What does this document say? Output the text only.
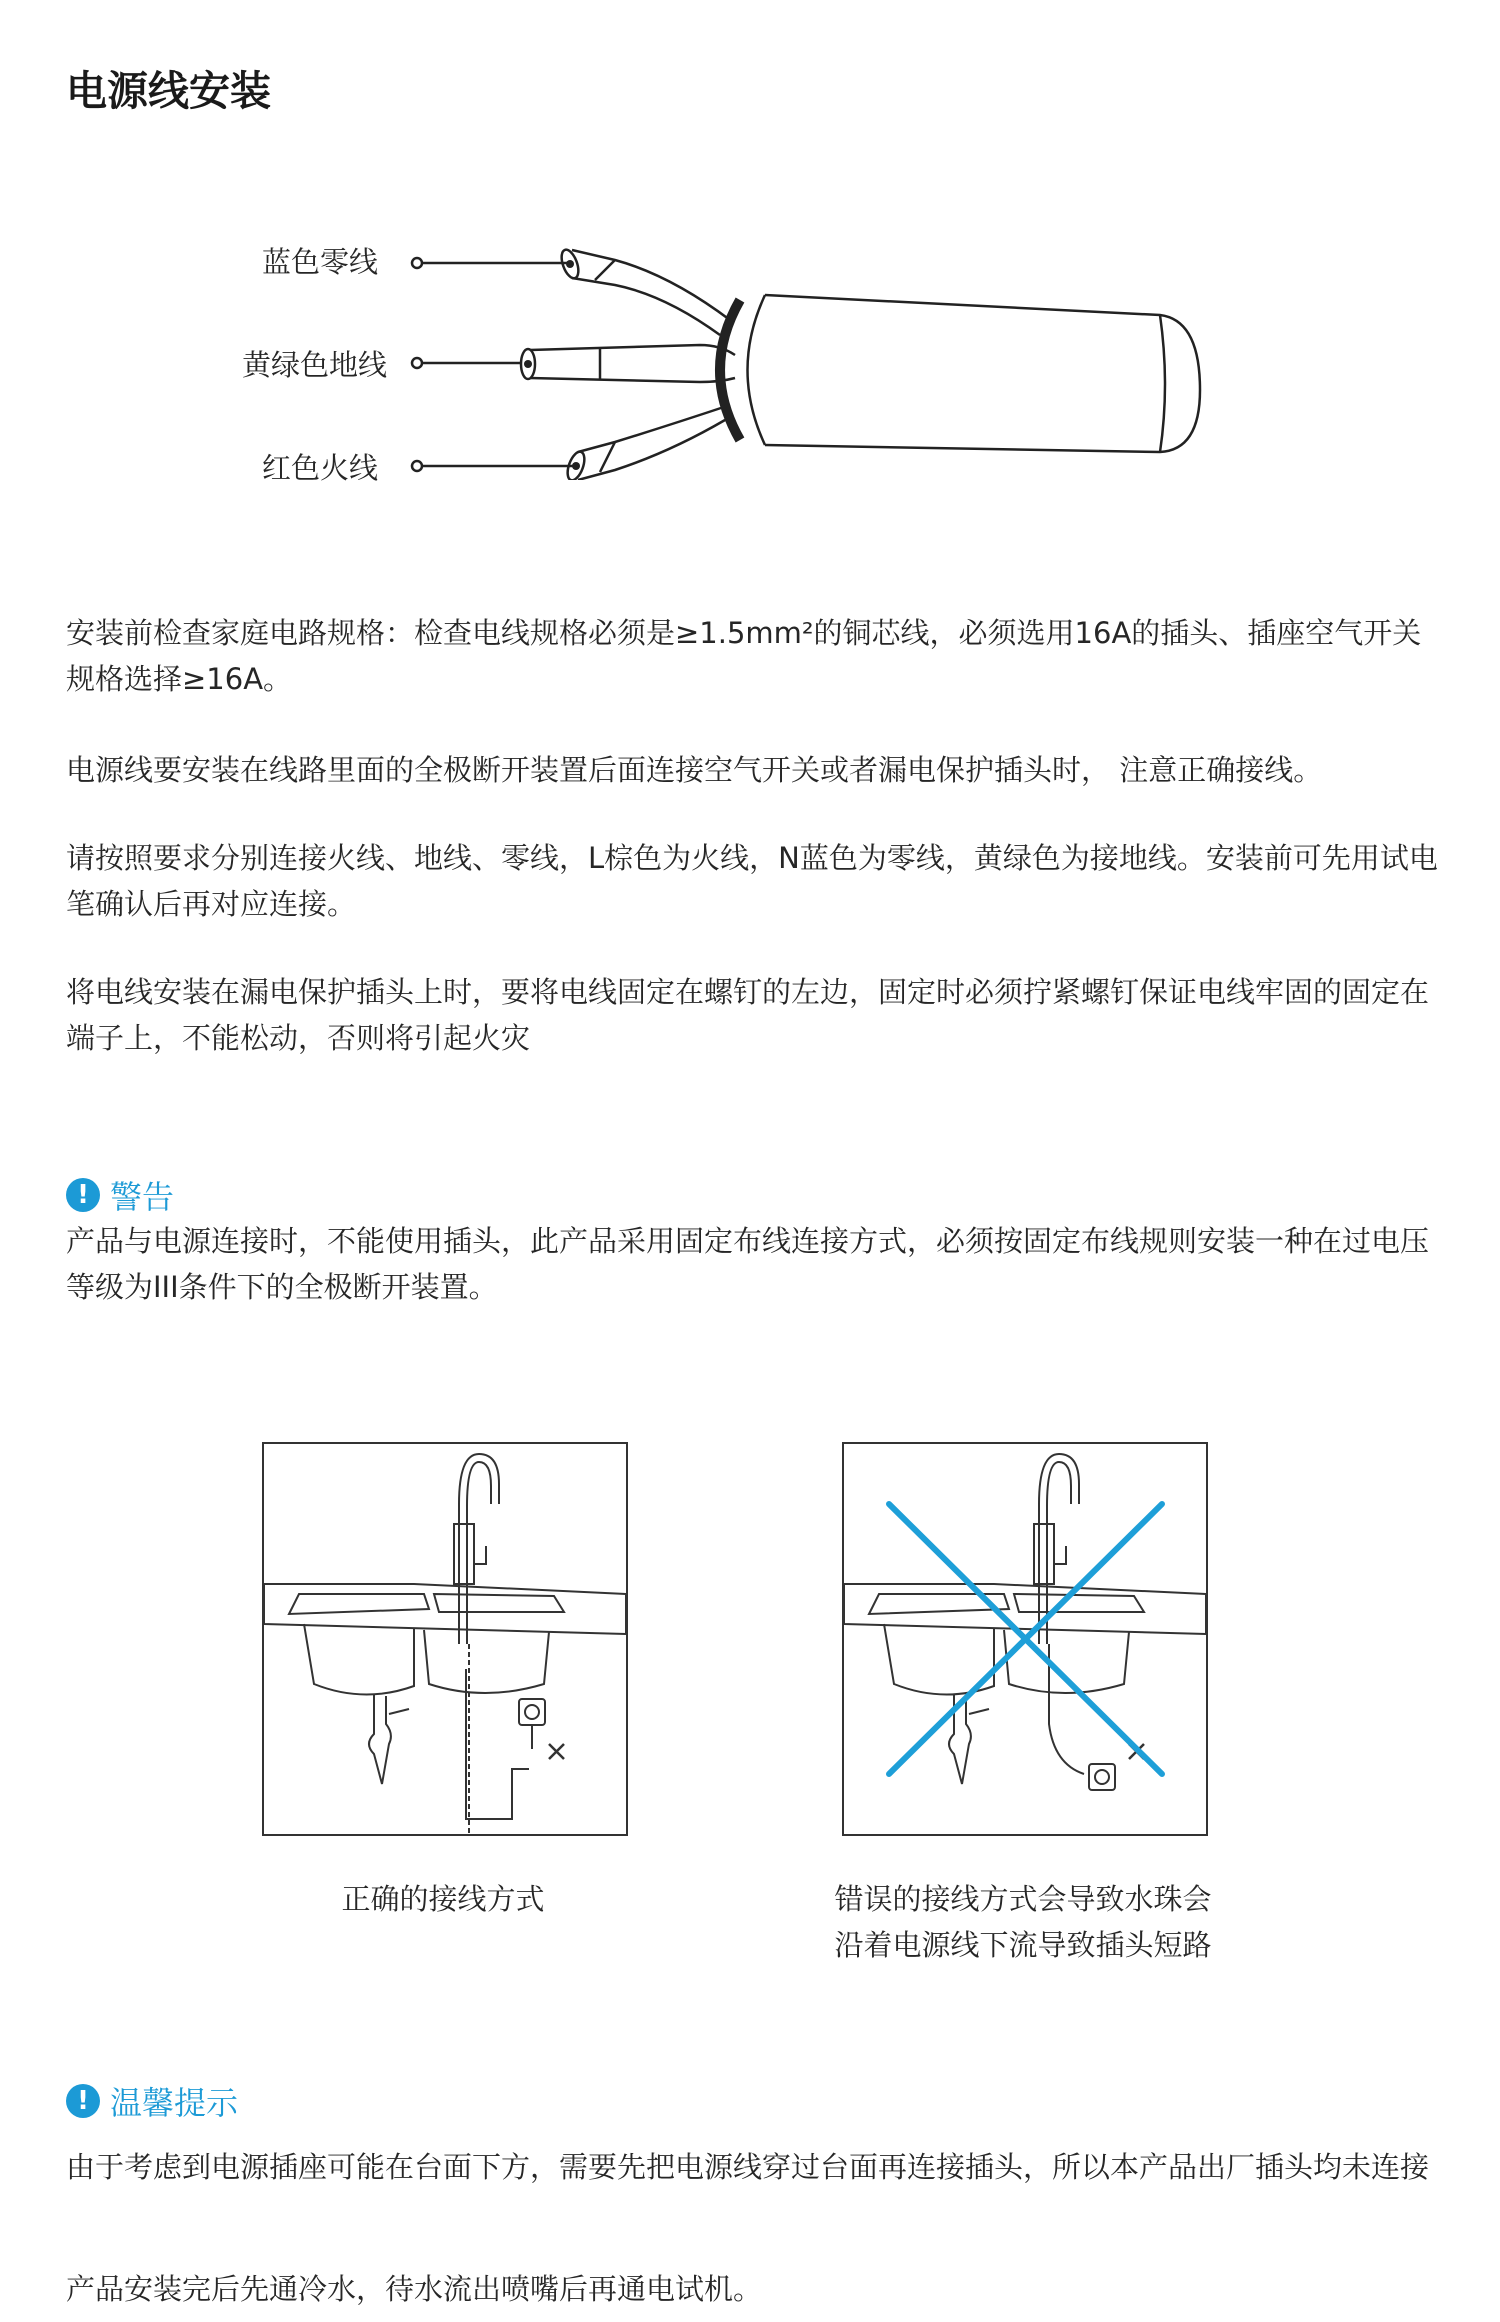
电源线安装
蓝色零线
黄绿色地线
红色火线
安装前检查家庭电路规格：检查电线规格必须是≥1.5mm²的铜芯线，必须选用16A的插头、插座空气开关规格选择≥16A。
电源线要安装在线路里面的全极断开装置后面连接空气开关或者漏电保护插头时， 注意正确接线。
请按照要求分别连接火线、地线、零线，L棕色为火线，N蓝色为零线，黄绿色为接地线。安装前可先用试电笔确认后再对应连接。
将电线安装在漏电保护插头上时，要将电线固定在螺钉的左边，固定时必须拧紧螺钉保证电线牢固的固定在端子上，不能松动，否则将引起火灾
! 警告
产品与电源连接时，不能使用插头，此产品采用固定布线连接方式，必须按固定布线规则安装一种在过电压等级为III条件下的全极断开装置。
正确的接线方式	错误的接线方式会导致水珠会
沿着电源线下流导致插头短路
! 温馨提示
由于考虑到电源插座可能在台面下方，需要先把电源线穿过台面再连接插头，所以本产品出厂插头均未连接
产品安装完后先通冷水，待水流出喷嘴后再通电试机。
